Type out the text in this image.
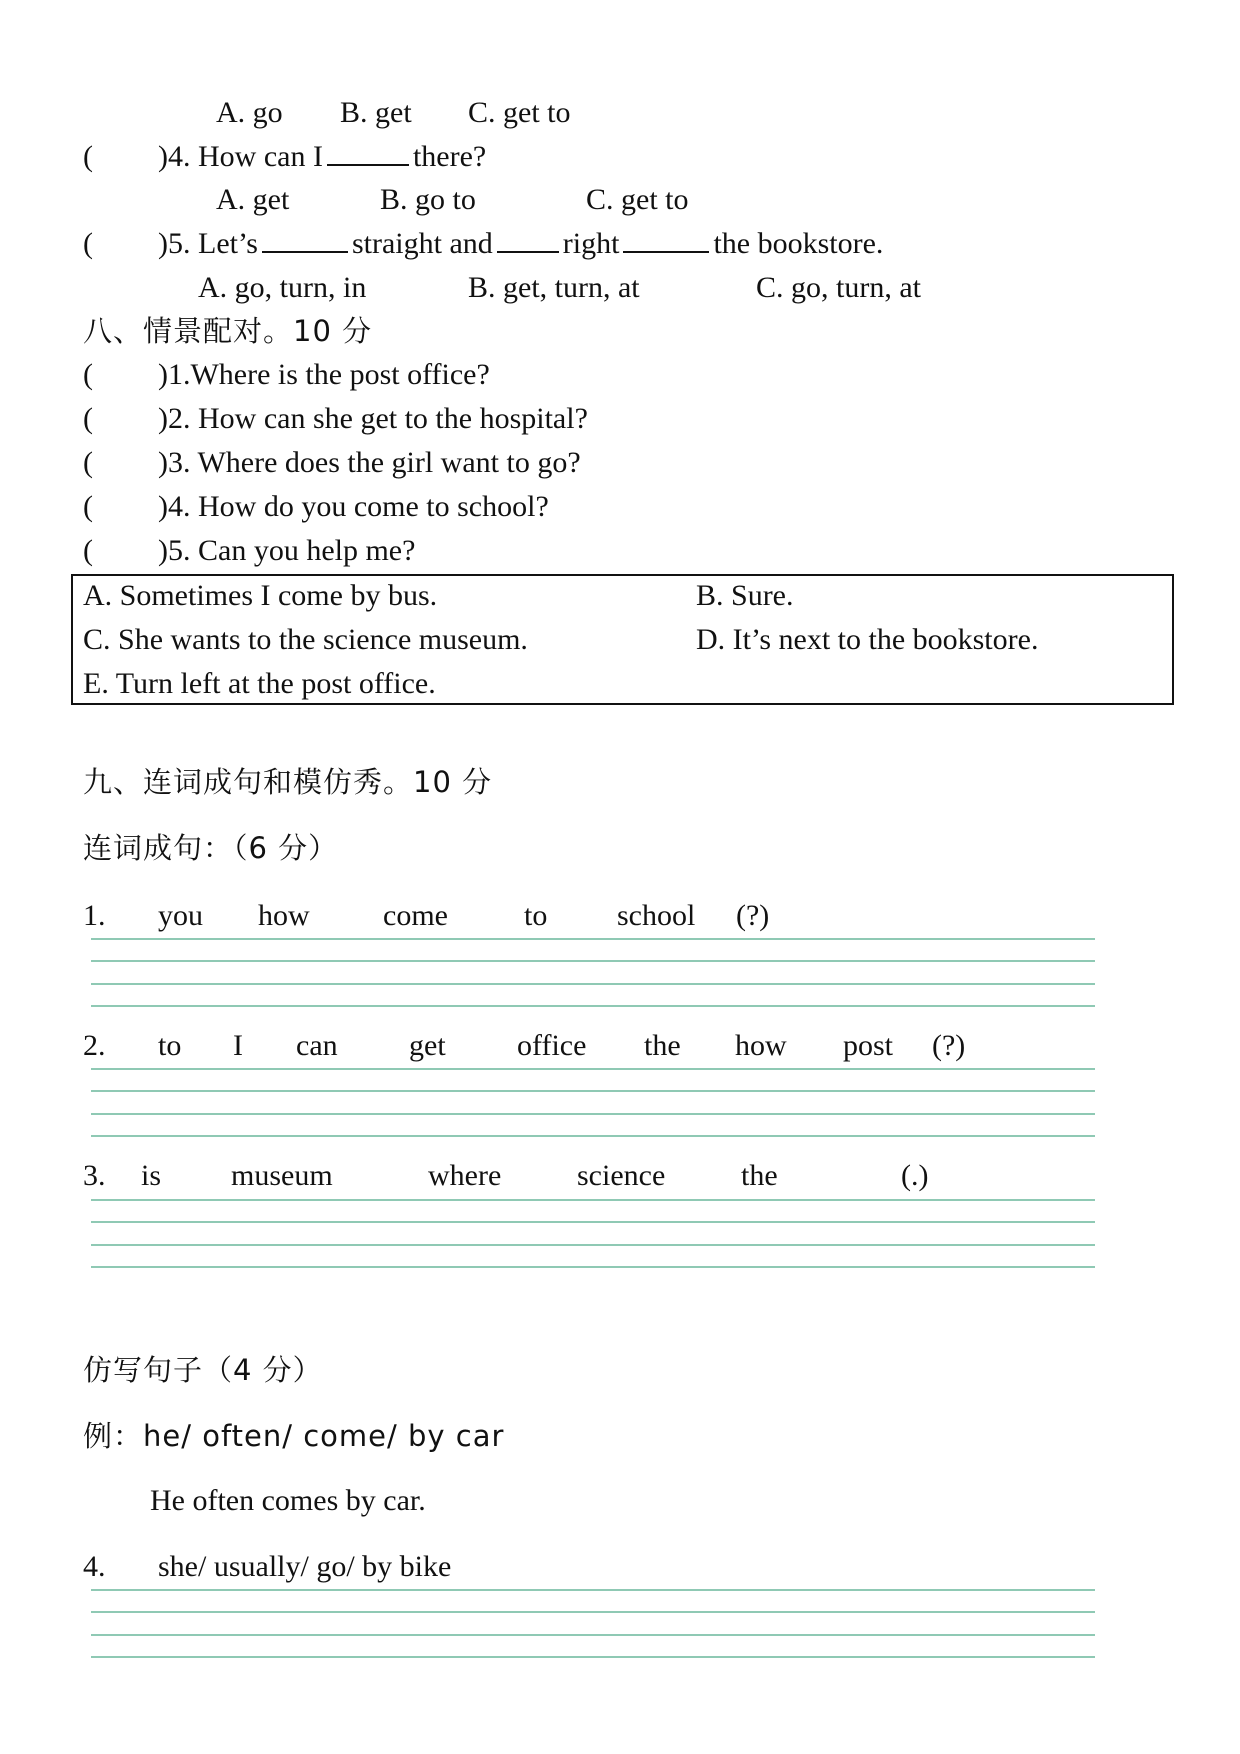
A. go B. get C. get to
( )4. How can I	there?
A. get	B. go to	C. get to
( )5. Let’s	straight and right	the bookstore.
A. go, turn, in	B. get, turn, at	C. go, turn, at
八、情景配对。10 分
( )1.Where is the post office?
( )2. How can she get to the hospital?
( )3. Where does the girl want to go?
( )4. How do you come to school?
( )5. Can you help me?
A. Sometimes I come by bus.	B. Sure.
C. She wants to the science museum.	D. It’s next to the bookstore.
E. Turn left at the post office.
九、连词成句和模仿秀。10 分
连词成句：（6 分）
1. you how come	to school (?)
2. to I can get office the how post (?)
3. is museum	where	science	the	(.)
仿写句子（4 分）
例：he/ often/ come/ by car
He often comes by car.
4. she/ usually/ go/ by bike
